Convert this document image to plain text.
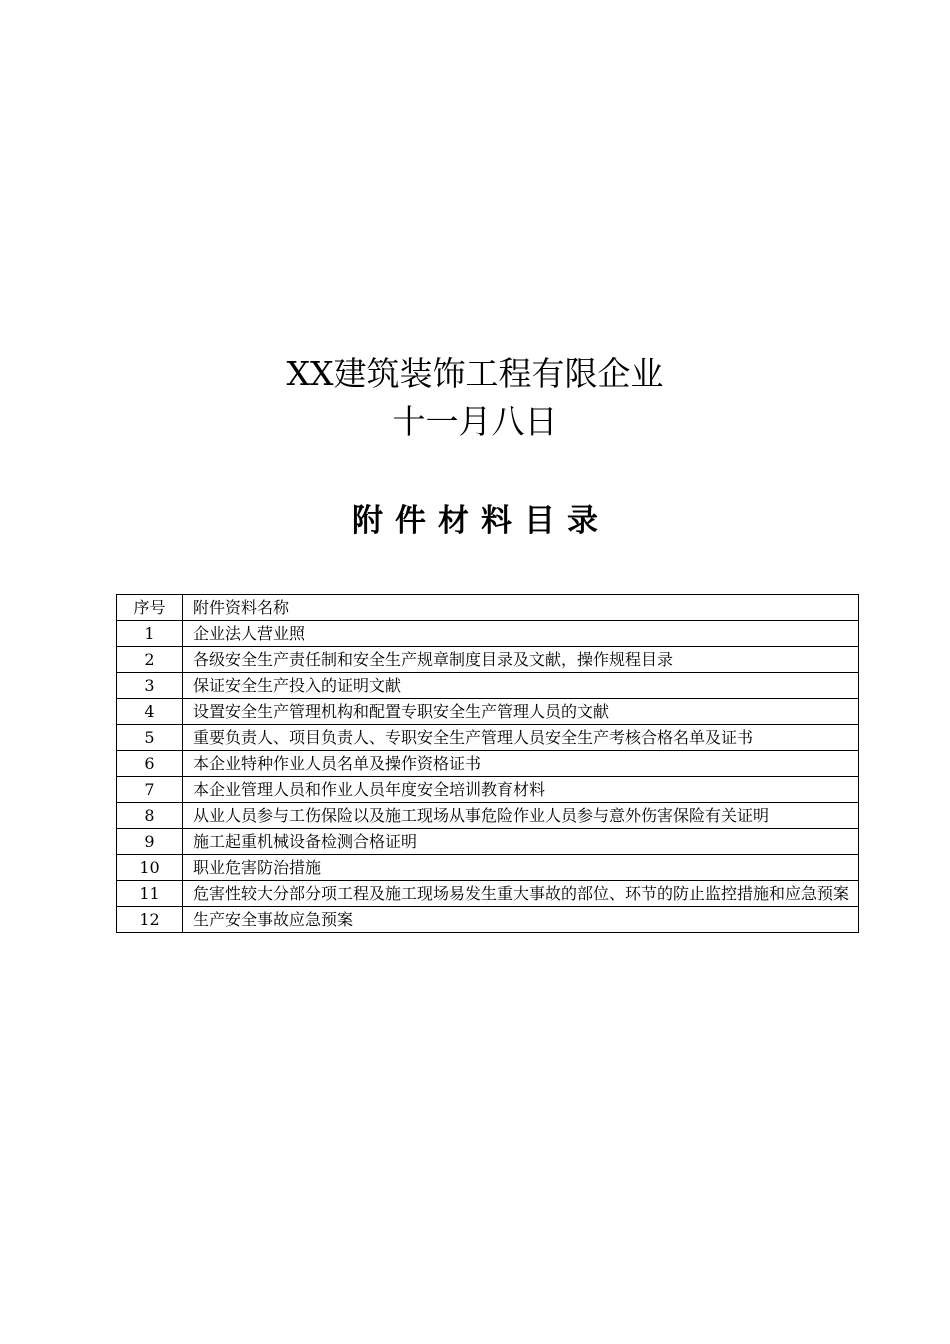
XX建筑装饰工程有限企业
十一月八日
附件材料目录
序号	附件资料名称
1	企业法人营业照
2	各级安全生产责任制和安全生产规章制度目录及文献，操作规程目录
3	保证安全生产投入的证明文献
4	设置安全生产管理机构和配置专职安全生产管理人员的文献
5	重要负责人、项目负责人、专职安全生产管理人员安全生产考核合格名单及证书
6	本企业特种作业人员名单及操作资格证书
7	本企业管理人员和作业人员年度安全培训教育材料
8	从业人员参与工伤保险以及施工现场从事危险作业人员参与意外伤害保险有关证明
9	施工起重机械设备检测合格证明
10	职业危害防治措施
11	危害性较大分部分项工程及施工现场易发生重大事故的部位、环节的防止监控措施和应急预案
12	生产安全事故应急预案
